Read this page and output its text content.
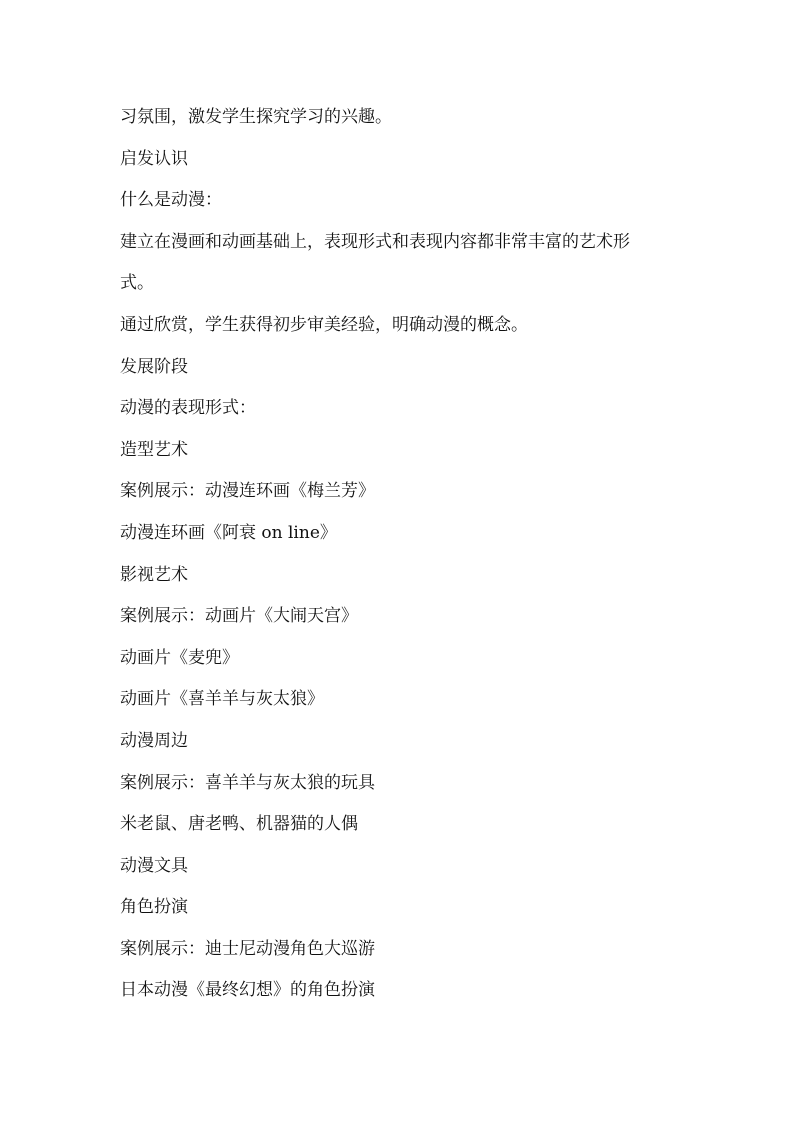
习氛围，激发学生探究学习的兴趣。

启发认识

什么是动漫：

建立在漫画和动画基础上，表现形式和表现内容都非常丰富的艺术形

式。

通过欣赏，学生获得初步审美经验，明确动漫的概念。

发展阶段

动漫的表现形式：

造型艺术

案例展示：动漫连环画《梅兰芳》

动漫连环画《阿衰 on line》

影视艺术

案例展示：动画片《大闹天宫》

动画片《麦兜》

动画片《喜羊羊与灰太狼》

动漫周边

案例展示：喜羊羊与灰太狼的玩具

米老鼠、唐老鸭、机器猫的人偶

动漫文具

角色扮演

案例展示：迪士尼动漫角色大巡游

日本动漫《最终幻想》的角色扮演
